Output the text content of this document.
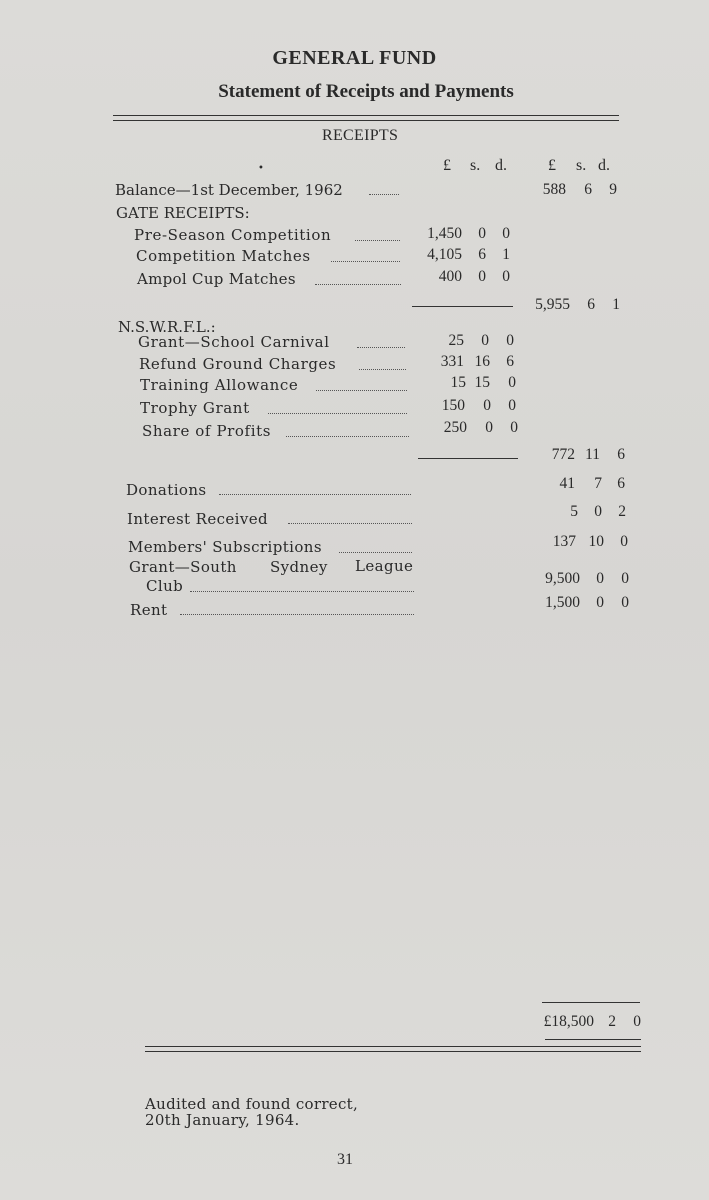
GENERAL FUND
Statement of Receipts and Payments
RECEIPTS
•	£ s. d.	£ s. d.
Balance—1st December, 1962	588	6	9
GATE RECEIPTS:
Pre-Season Competition	1,450	0	0
Competition Matches	4,105	6	1
Ampol Cup Matches	400	0	0
5,955	6	1
N.S.W.R.F.L.:
Grant—School Carnival	25	0	0
Refund Ground Charges	331 16	6
Training Allowance	15 15	0
Trophy Grant	150	0	0
Share of Profits	250	0	0
772 11	6
Donations	41 7 6
Interest Received	5 0 2
Members' Subscriptions	137 10 0
Grant—South Sydney League
Club	9,500 0 0
Rent	1,500 0 0
£18,500 2 0
Audited and found correct,
20th January, 1964.
31
